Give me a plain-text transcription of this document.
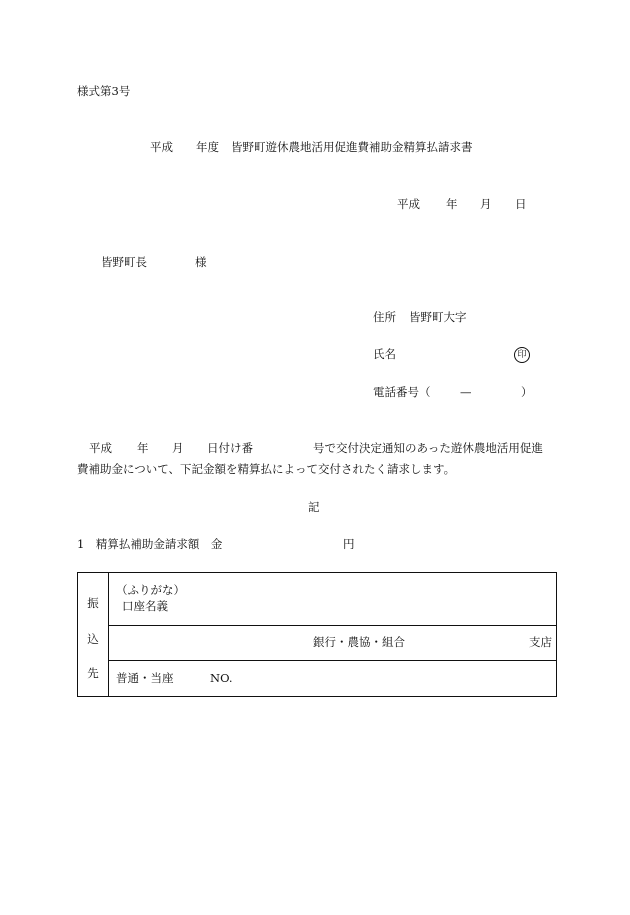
様式第3号
平成 年度 皆野町遊休農地活用促進費補助金精算払請求書
平成 年 月 日
皆野町長	様
住所 皆野町大字
氏名	印
電話番号（	—	）
平成 年 月 日付け番	号で交付決定通知のあった遊休農地活用促進
費補助金について、下記金額を精算払によって交付されたく請求します。
記
1　精算払補助金請求額　金	円
振
込
先

（ふりがな）
口座名義

銀行・農協・組合	支店

普通・当座	NO.
